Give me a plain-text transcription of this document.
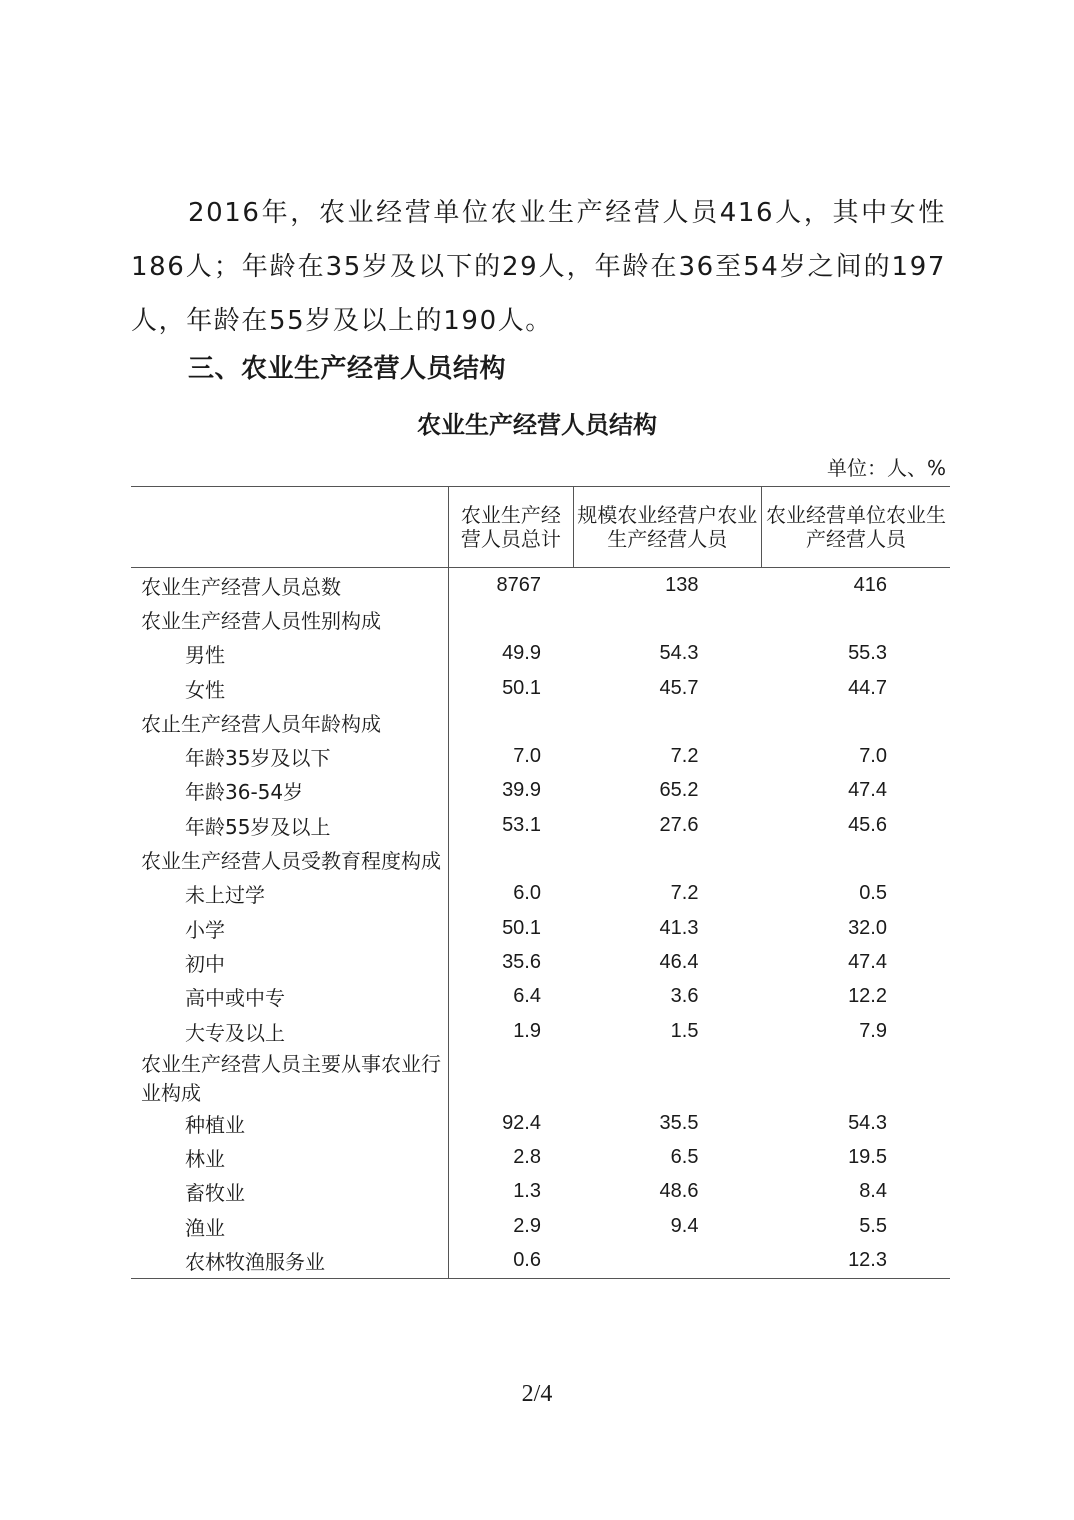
2016年，农业经营单位农业生产经营人员416人，其中女性186人；年龄在35岁及以下的29人，年龄在36至54岁之间的197人，年龄在55岁及以上的190人。

三、农业生产经营人员结构

农业生产经营人员结构

单位：人、%

	农业生产经营人员总计	规模农业经营户农业生产经营人员	农业经营单位农业生产经营人员
农业生产经营人员总数	8767	138	416
农业生产经营人员性别构成			
男性	49.9	54.3	55.3
女性	50.1	45.7	44.7
农止生产经营人员年龄构成			
年龄35岁及以下	7.0	7.2	7.0
年龄36-54岁	39.9	65.2	47.4
年龄55岁及以上	53.1	27.6	45.6
农业生产经营人员受教育程度构成			
未上过学	6.0	7.2	0.5
小学	50.1	41.3	32.0
初中	35.6	46.4	47.4
高中或中专	6.4	3.6	12.2
大专及以上	1.9	1.5	7.9
农业生产经营人员主要从事农业行业构成			
种植业	92.4	35.5	54.3
林业	2.8	6.5	19.5
畜牧业	1.3	48.6	8.4
渔业	2.9	9.4	5.5
农林牧渔服务业	0.6		12.3

2/4
